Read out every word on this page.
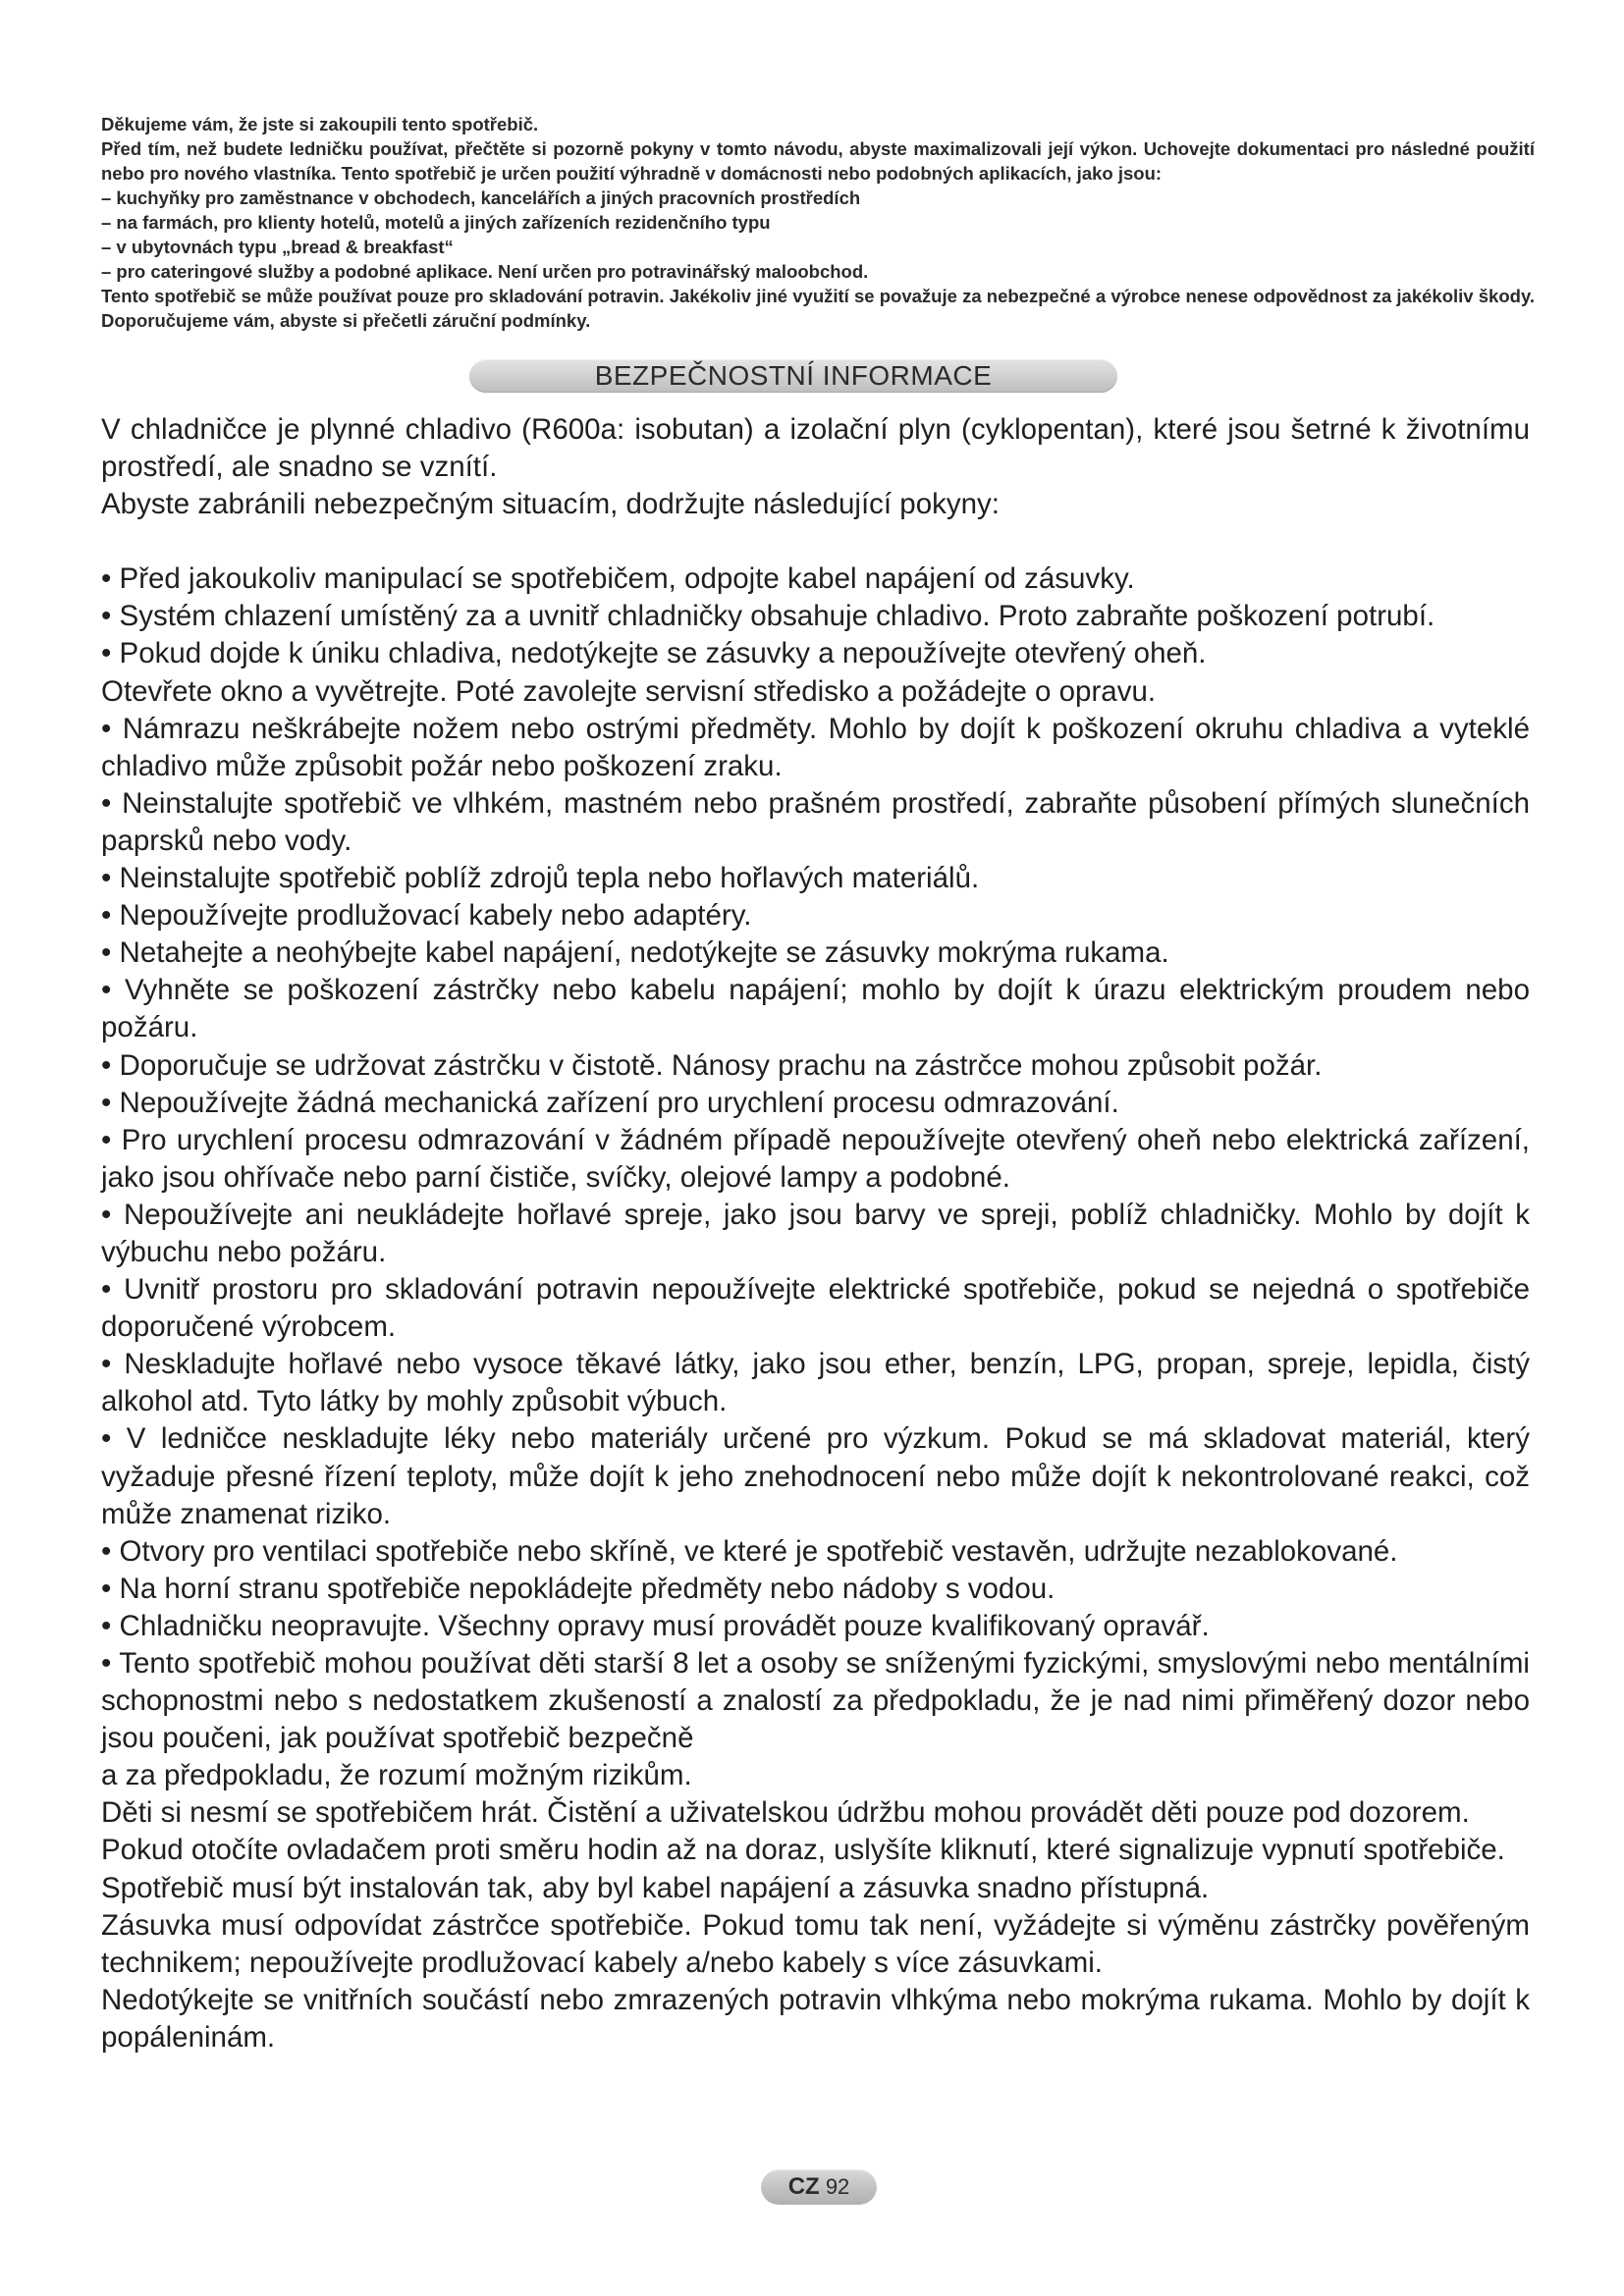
Děkujeme vám, že jste si zakoupili tento spotřebič.

Před tím, než budete ledničku používat, přečtěte si pozorně pokyny v tomto návodu, abyste maximalizovali její výkon. Uchovejte dokumentaci pro následné použití nebo pro nového vlastníka. Tento spotřebič je určen použití výhradně v domácnosti nebo podobných aplikacích, jako jsou:

– kuchyňky pro zaměstnance v obchodech, kancelářích a jiných pracovních prostředích

– na farmách, pro klienty hotelů, motelů a jiných zařízeních rezidenčního typu

– v ubytovnách typu „bread & breakfast“

– pro cateringové služby a podobné aplikace. Není určen pro potravinářský maloobchod.

Tento spotřebič se může používat pouze pro skladování potravin. Jakékoliv jiné využití se považuje za nebezpečné a výrobce nenese odpovědnost za jakékoliv škody. Doporučujeme vám, abyste si přečetli záruční podmínky.

BEZPEČNOSTNÍ INFORMACE

V chladničce je plynné chladivo (R600a: isobutan) a izolační plyn (cyklopentan), které jsou šetrné k životnímu prostředí, ale snadno se vznítí.

Abyste zabránili nebezpečným situacím, dodržujte následující pokyny:

• Před jakoukoliv manipulací se spotřebičem, odpojte kabel napájení od zásuvky.

• Systém chlazení umístěný za a uvnitř chladničky obsahuje chladivo. Proto zabraňte poškození potrubí.

• Pokud dojde k úniku chladiva, nedotýkejte se zásuvky a nepoužívejte otevřený oheň.

Otevřete okno a vyvětrejte. Poté zavolejte servisní středisko a požádejte o opravu.

• Námrazu neškrábejte nožem nebo ostrými předměty. Mohlo by dojít k poškození okruhu chladiva a vyteklé chladivo může způsobit požár nebo poškození zraku.

• Neinstalujte spotřebič ve vlhkém, mastném nebo prašném prostředí, zabraňte působení přímých slunečních paprsků nebo vody.

• Neinstalujte spotřebič poblíž zdrojů tepla nebo hořlavých materiálů.

• Nepoužívejte prodlužovací kabely nebo adaptéry.

• Netahejte a neohýbejte kabel napájení, nedotýkejte se zásuvky mokrýma rukama.

• Vyhněte se poškození zástrčky nebo kabelu napájení; mohlo by dojít k úrazu elektrickým proudem nebo požáru.

• Doporučuje se udržovat zástrčku v čistotě. Nánosy prachu na zástrčce mohou způsobit požár.

• Nepoužívejte žádná mechanická zařízení pro urychlení procesu odmrazování.

• Pro urychlení procesu odmrazování v žádném případě nepoužívejte otevřený oheň nebo elektrická zařízení, jako jsou ohřívače nebo parní čističe, svíčky, olejové lampy a podobné.

• Nepoužívejte ani neukládejte hořlavé spreje, jako jsou barvy ve spreji, poblíž chladničky. Mohlo by dojít k výbuchu nebo požáru.

• Uvnitř prostoru pro skladování potravin nepoužívejte elektrické spotřebiče, pokud se nejedná o spotřebiče doporučené výrobcem.

• Neskladujte hořlavé nebo vysoce těkavé látky, jako jsou ether, benzín, LPG, propan, spreje, lepidla, čistý alkohol atd. Tyto látky by mohly způsobit výbuch.

• V ledničce neskladujte léky nebo materiály určené pro výzkum. Pokud se má skladovat materiál, který vyžaduje přesné řízení teploty, může dojít k jeho znehodnocení nebo může dojít k nekontrolované reakci, což může znamenat riziko.

• Otvory pro ventilaci spotřebiče nebo skříně, ve které je spotřebič vestavěn, udržujte nezablokované.

• Na horní stranu spotřebiče nepokládejte předměty nebo nádoby s vodou.

• Chladničku neopravujte. Všechny opravy musí provádět pouze kvalifikovaný opravář.

• Tento spotřebič mohou používat děti starší 8 let a osoby se sníženými fyzickými, smyslovými nebo mentálními schopnostmi nebo s nedostatkem zkušeností a znalostí za předpokladu, že je nad nimi přiměřený dozor nebo jsou poučeni, jak používat spotřebič bezpečně

a za předpokladu, že rozumí možným rizikům.

Děti si nesmí se spotřebičem hrát. Čistění a uživatelskou údržbu mohou provádět děti pouze pod dozorem.

Pokud otočíte ovladačem proti směru hodin až na doraz, uslyšíte kliknutí, které signalizuje vypnutí spotřebiče.

Spotřebič musí být instalován tak, aby byl kabel napájení a zásuvka snadno přístupná.

Zásuvka musí odpovídat zástrčce spotřebiče. Pokud tomu tak není, vyžádejte si výměnu zástrčky pověřeným technikem; nepoužívejte prodlužovací kabely a/nebo kabely s více zásuvkami.

Nedotýkejte se vnitřních součástí nebo zmrazených potravin vlhkýma nebo mokrýma rukama. Mohlo by dojít k popáleninám.

CZ 92
